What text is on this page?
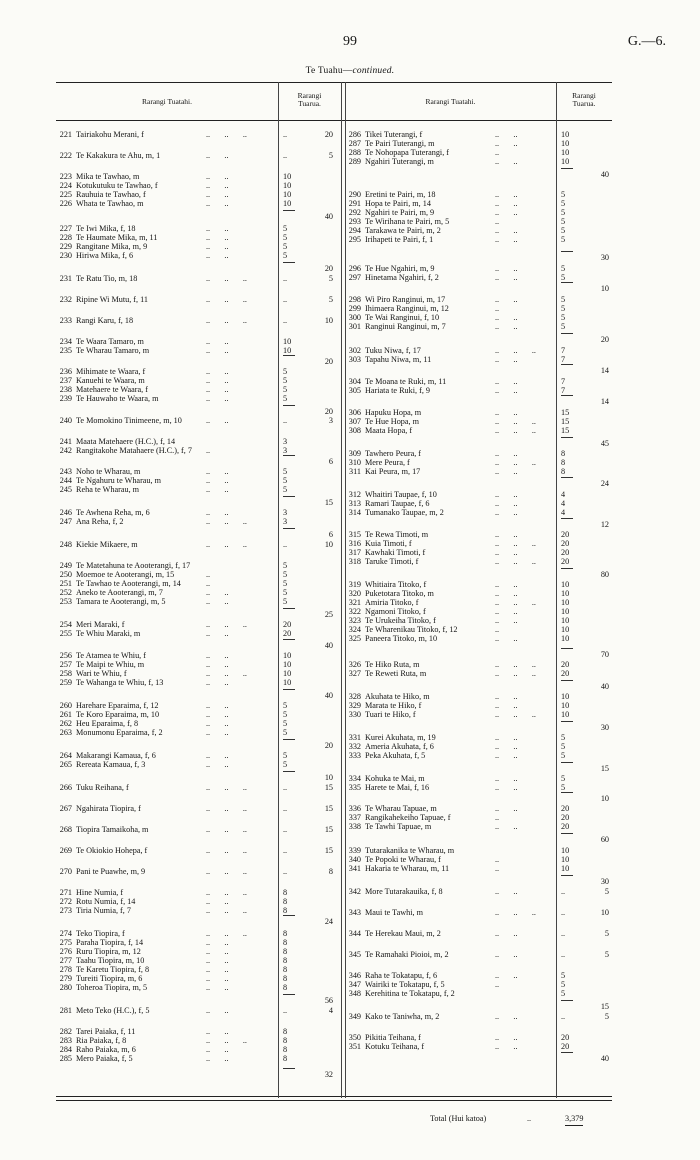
99	G.—6.
Te Tuahu—continued.
Rarangi Tuatahi.
Rarangi
Tuarua.	Rarangi Tuatahi.
Rarangi
Tuarua.
221 Tairiakohu Merani, f	..       ..       ..	20
..
222 Te Kakakura te Ahu, m, 1	..       ..	5
..
223 Mika te Tawhao, m	..       ..	10
224 Kotukutuku te Tawhao, f	..       ..	10
225 Rauhuia te Tawhao, f	..       ..	10
226 Whata te Tawhao, m	..       ..	10
40
227 Te Iwi Mika, f, 18	..       ..	5
228 Te Haumate Mika, m, 11	..       ..	5
229 Rangitane Mika, m, 9	..       ..	5
230 Hiriwa Mika, f, 6	..       ..	5
20
231 Te Ratu Tio, m, 18	..       ..       ..	5
..
232 Ripine Wi Mutu, f, 11	..       ..       ..	5
..
233 Rangi Karu, f, 18	..       ..       ..	10
..
234 Te Waara Tamaro, m	..       ..	10
235 Te Wharau Tamaro, m	..       ..	10
20
236 Mihimate te Waara, f	..       ..	5
237 Kanuehi te Waara, m	..       ..	5
238 Matehaere te Waara, f	..       ..	5
239 Te Hauwaho te Waara, m	..       ..	5
20
240 Te Momokino Tinimeene, m, 10	..       ..	3
..
241 Maata Matehaere (H.C.), f, 14	3
242 Rangitakohe Matahaere (H.C.), f, 7 ..	3
6
243 Noho te Wharau, m	..       ..	5
244 Te Ngahuru te Wharau, m	..       ..	5
245 Reha te Wharau, m	..       ..	5
15
246 Te Awhena Reha, m, 6	..       ..	3
247 Ana Reha, f, 2	..       ..       ..	3
6
248 Kiekie Mikaere, m	..       ..       ..	10
..
249 Te Matetahuna te Aooterangi, f, 17	5
250 Moemoe te Aooterangi, m, 15	..	5
251 Te Tawhao te Aooterangi, m, 14	..	5
252 Aneko te Aooterangi, m, 7	..       ..	5
253 Tamara te Aooterangi, m, 5	..       ..	5
25
254 Meri Maraki, f	..       ..       ..	20
255 Te Whiu Maraki, m	..       ..	20
40
256 Te Atamea te Whiu, f	..       ..	10
257 Te Maipi te Whiu, m	..       ..	10
258 Wari te Whiu, f	..       ..       ..	10
259 Te Wahanga te Whiu, f, 13	..       ..	10
40
260 Harehare Eparaima, f, 12	..       ..	5
261 Te Koro Eparaima, m, 10	..       ..	5
262 Heu Eparaima, f, 8	..       ..	5
263 Monumonu Eparaima, f, 2	..       ..	5
20
264 Makarangi Kamaua, f, 6	..       ..	5
265 Rereata Kamaua, f, 3	..       ..	5
10
266 Tuku Reihana, f	..       ..       ..	15
..
267 Ngahirata Tiopira, f	..       ..       ..	15
..
268 Tiopira Tamaikoha, m	..       ..       ..	15
..
269 Te Okiokio Hohepa, f	..       ..       ..	15
..
270 Pani te Puawhe, m, 9	..       ..       ..	8
..
271 Hine Numia, f	..       ..       ..	8
272 Rotu Numia, f, 14	..       ..	8
273 Tiria Numia, f, 7	..       ..       ..	8
24
274 Teko Tiopira, f	..       ..       ..	8
275 Paraha Tiopira, f, 14	..       ..	8
276 Ruru Tiopira, m, 12	..       ..	8
277 Taahu Tiopira, m, 10	..       ..	8
278 Te Karetu Tiopira, f, 8	..       ..	8
279 Tureiti Tiopira, m, 6	..       ..	8
280 Toheroa Tiopira, m, 5	..       ..	8
56
281 Meto Teko (H.C.), f, 5	..       ..	4
..
282 Tarei Paiaka, f, 11	..       ..	8
283 Ria Paiaka, f, 8	..       ..       ..	8
284 Raho Paiaka, m, 6	..       ..	8
285 Mero Paiaka, f, 5	..       ..	8
32
286 Tikei Tuterangi, f	..       ..	10
287 Te Pairi Tuterangi, m	..       ..	10
288 Te Nohopapa Tuterangi, f	..	10
289 Ngahiri Tuterangi, m	..       ..	10
40
290 Eretini te Pairi, m, 18	..       ..	5
291 Hopa te Pairi, m, 14	..       ..	5
292 Ngahiri te Pairi, m, 9	..       ..	5
293 Te Wirihana te Pairi, m, 5	..	5
294 Tarakawa te Pairi, m, 2	..       ..	5
295 Irihapeti te Pairi, f, 1	..       ..	5
30
296 Te Hue Ngahiri, m, 9	..       ..	5
297 Hinetama Ngahiri, f, 2	..       ..	5
10
298 Wi Piro Ranginui, m, 17	..       ..	5
299 Ihimaera Ranginui, m, 12	..	5
300 Te Wai Ranginui, f, 10	..       ..	5
301 Ranginui Ranginui, m, 7	..       ..	5
20
302 Tuku Niwa, f, 17	..       ..       ..	7
303 Tapahu Niwa, m, 11	..       ..	7
14
304 Te Moana te Ruki, m, 11	..       ..	7
305 Hariata te Ruki, f, 9	..       ..	7
14
306 Hapuku Hopa, m	..       ..	15
307 Te Hue Hopa, m	..       ..       ..	15
308 Maata Hopa, f	..       ..       ..	15
45
309 Tawhero Peura, f	..       ..	8
310 Mere Peura, f	..       ..       ..	8
311 Kai Peura, m, 17	..       ..	8
24
312 Whaitiri Taupae, f, 10	..       ..	4
313 Ramari Taupae, f, 6	..       ..	4
314 Tumanako Taupae, m, 2	..       ..	4
12
315 Te Rewa Timoti, m	..       ..	20
316 Kuia Timoti, f	..       ..       ..	20
317 Kawhaki Timoti, f	..       ..	20
318 Taruke Timoti, f	..       ..       ..	20
80
319 Whitiaira Titoko, f	..       ..	10
320 Puketotara Titoko, m	..       ..	10
321 Amiria Titoko, f	..       ..       ..	10
322 Ngamoni Titoko, f	..       ..	10
323 Te Urukeiha Titoko, f	..       ..	10
324 Te Wharenikau Titoko, f, 12	..	10
325 Paneera Titoko, m, 10	..       ..	10
70
326 Te Hiko Ruta, m	..       ..       ..	20
327 Te Reweti Ruta, m	..       ..       ..	20
40
328 Akuhata te Hiko, m	..       ..	10
329 Marata te Hiko, f	..       ..	10
330 Tuari te Hiko, f	..       ..       ..	10
30
331 Kurei Akuhata, m, 19	..       ..	5
332 Ameria Akuhata, f, 6	..       ..	5
333 Peka Akuhata, f, 5	..       ..	5
15
334 Kohuka te Mai, m	..       ..	5
335 Harete te Mai, f, 16	..       ..	5
10
336 Te Wharau Tapuae, m	..       ..	20
337 Rangikahekeiho Tapuae, f	..	20
338 Te Tawhi Tapuae, m	..       ..	20
60
339 Tutarakanika te Wharau, m	10
340 Te Popoki te Wharau, f	..	10
341 Hakaria te Wharau, m, 11	..	10
30
342 More Tutarakauika, f, 8	..       ..	5
..
343 Maui te Tawhi, m	..       ..       ..	10
..
344 Te Herekau Maui, m, 2	..       ..	5
..
345 Te Ramahaki Pioioi, m, 2	..       ..	5
..
346 Raha te Tokatapu, f, 6	..       ..	5
347 Wairiki te Tokatapu, f, 5	..	5
348 Kerehitina te Tokatapu, f, 2	5
15
349 Kako te Taniwha, m, 2	..       ..	5
..
350 Pikitia Teihana, f	..       ..	20
351 Kotuku Teihana, f	..       ..	20
40
Total (Hui katoa)	..	3,379
